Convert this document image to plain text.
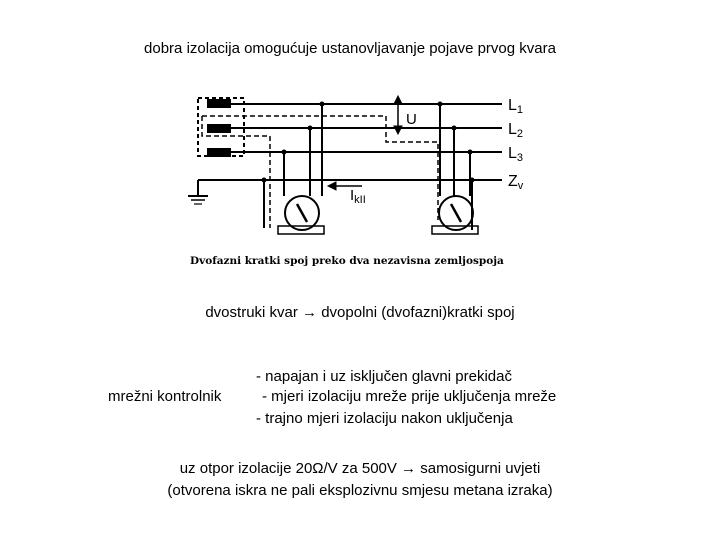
dobra izolacija omogućuje ustanovljavanje pojave prvog kvara
L1
L2
L3
Zv
U
$I_{kII}$
Dvofazni kratki spoj preko dva nezavisna zemljospoja
dvostruki kvar → dvopolni (dvofazni)kratki spoj
mrežni kontrolnik
- napajan i uz isključen glavni prekidač
- mjeri izolaciju mreže prije uključenja mreže
- trajno mjeri izolaciju nakon uključenja
uz otpor izolacije 20Ω/V za 500V → samosigurni uvjeti
(otvorena iskra ne pali eksplozivnu smjesu metana izraka)
